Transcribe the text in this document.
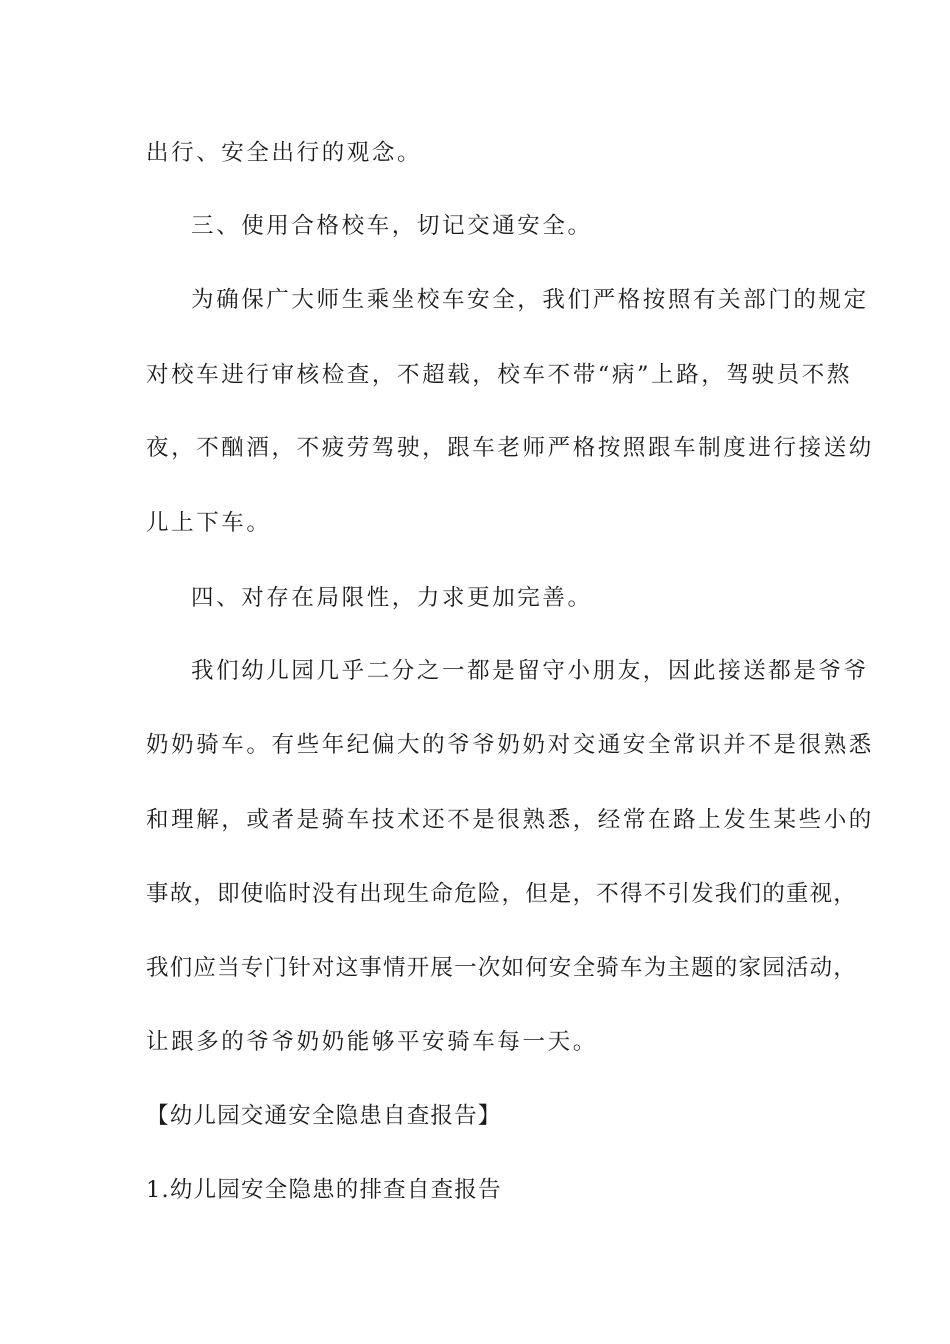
出行、安全出行的观念。
三、使用合格校车，切记交通安全。
为确保广大师生乘坐校车安全，我们严格按照有关部门的规定
对校车进行审核检查，不超载，校车不带“病”上路，驾驶员不熬
夜，不酗酒，不疲劳驾驶，跟车老师严格按照跟车制度进行接送幼
儿上下车。
四、对存在局限性，力求更加完善。
我们幼儿园几乎二分之一都是留守小朋友，因此接送都是爷爷
奶奶骑车。有些年纪偏大的爷爷奶奶对交通安全常识并不是很熟悉
和理解，或者是骑车技术还不是很熟悉，经常在路上发生某些小的
事故，即使临时没有出现生命危险，但是，不得不引发我们的重视，
我们应当专门针对这事情开展一次如何安全骑车为主题的家园活动，
让跟多的爷爷奶奶能够平安骑车每一天。
【幼儿园交通安全隐患自查报告】
1.幼儿园安全隐患的排查自查报告
